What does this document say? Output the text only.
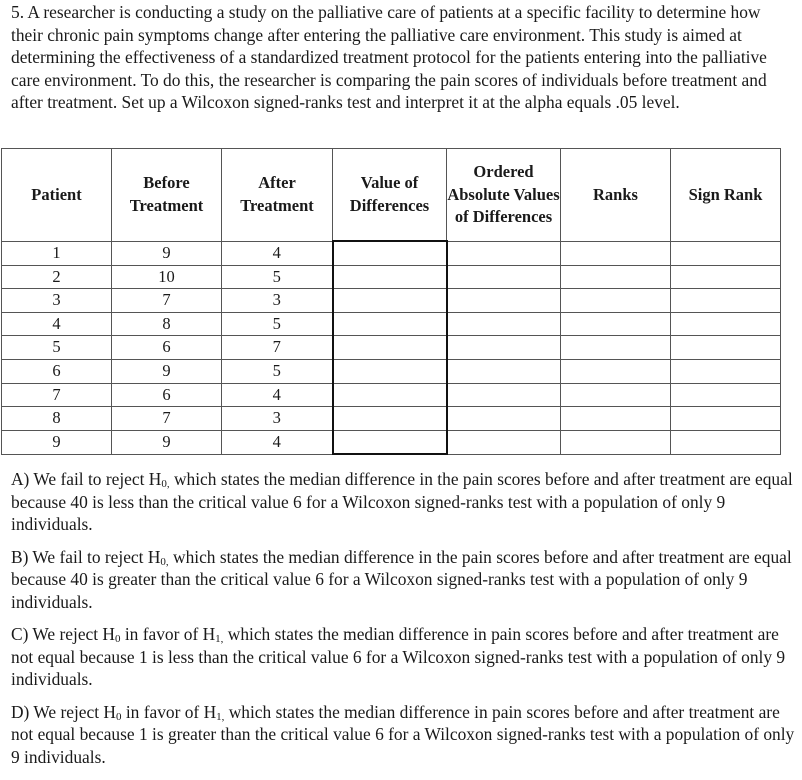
5. A researcher is conducting a study on the palliative care of patients at a specific facility to determine how their chronic pain symptoms change after entering the palliative care environment. This study is aimed at determining the effectiveness of a standardized treatment protocol for the patients entering into the palliative care environment. To do this, the researcher is comparing the pain scores of individuals before treatment and after treatment. Set up a Wilcoxon signed-ranks test and interpret it at the alpha equals .05 level.

Patient	Before Treatment	After Treatment	Value of Differences	Ordered Absolute Values of Differences	Ranks	Sign Rank
1	9	4				
2	10	5				
3	7	3				
4	8	5				
5	6	7				
6	9	5				
7	6	4				
8	7	3				
9	9	4				

A) We fail to reject $H_{0,}$ which states the median difference in the pain scores before and after treatment are equal because 40 is less than the critical value 6 for a Wilcoxon signed-ranks test with a population of only 9 individuals.

B) We fail to reject $H_{0,}$ which states the median difference in the pain scores before and after treatment are equal because 40 is greater than the critical value 6 for a Wilcoxon signed-ranks test with a population of only 9 individuals.

C) We reject $H_0$ in favor of $H_{1,}$ which states the median difference in pain scores before and after treatment are not equal because 1 is less than the critical value 6 for a Wilcoxon signed-ranks test with a population of only 9 individuals.

D) We reject $H_0$ in favor of $H_{1,}$ which states the median difference in pain scores before and after treatment are not equal because 1 is greater than the critical value 6 for a Wilcoxon signed-ranks test with a population of only 9 individuals.
